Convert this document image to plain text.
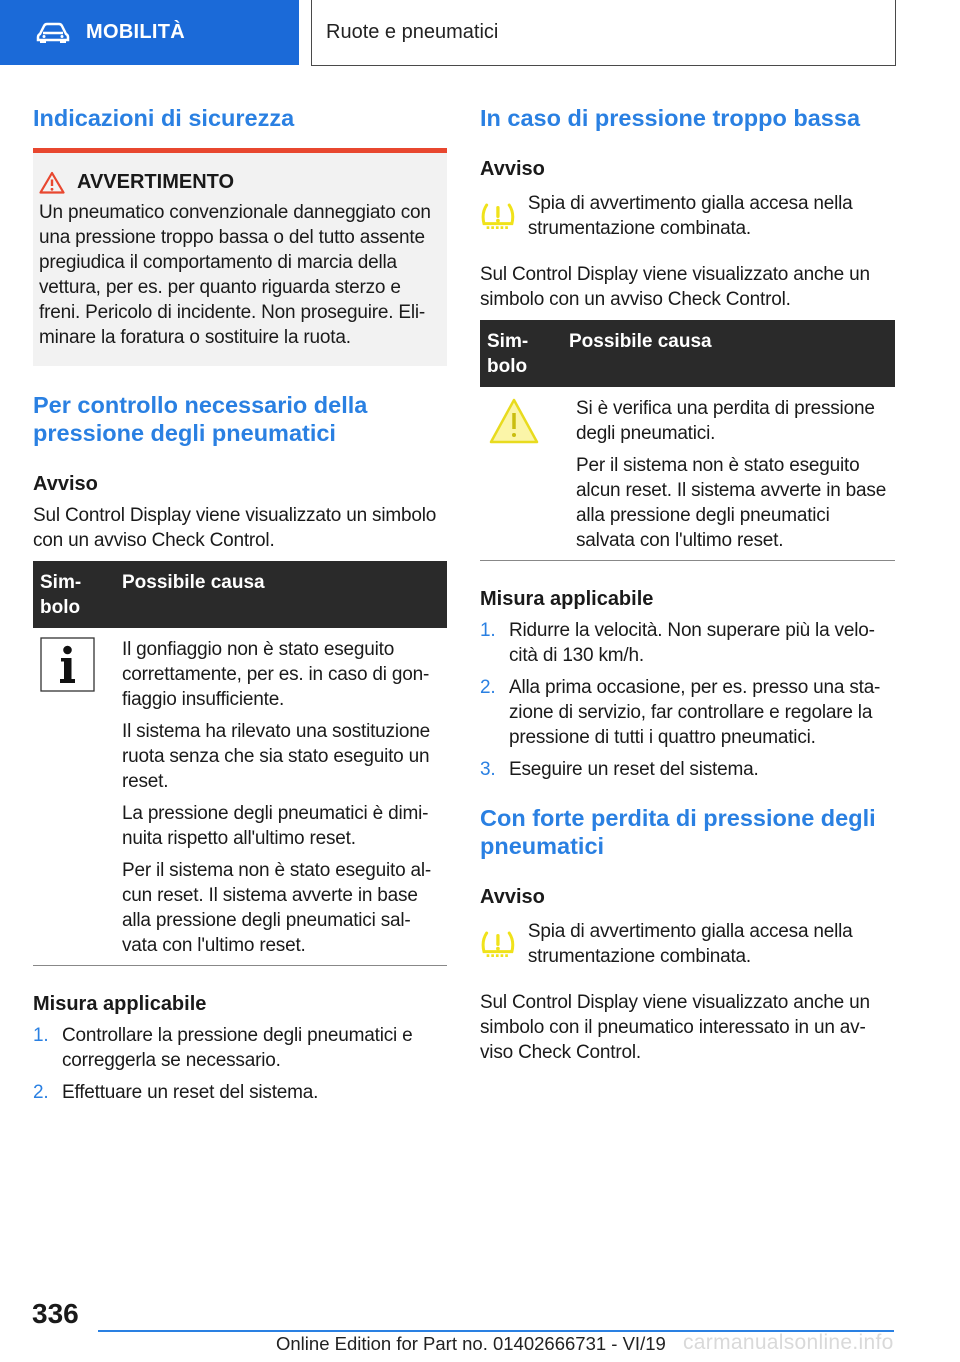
MOBILITÀ	Ruote e pneumatici
Indicazioni di sicurezza
AVVERTIMENTO

Un pneumatico convenzionale danneggiato con una pressione troppo bassa o del tutto assente pregiudica il comportamento di marcia della vettura, per es. per quanto riguarda sterzo e freni. Pericolo di incidente. Non proseguire. Eli- minare la foratura o sostituire la ruota.

Per controllo necessario della pressione degli pneumatici

Avviso

Sul Control Display viene visualizzato un simbolo con un avviso Check Control.

Sim- bolo
Possibile causa

Il gonfiaggio non è stato eseguito correttamente, per es. in caso di gon- fiaggio insufficiente.

Il sistema ha rilevato una sostituzione ruota senza che sia stato eseguito un reset.

La pressione degli pneumatici è dimi- nuita rispetto all'ultimo reset.

Per il sistema non è stato eseguito al- cun reset. Il sistema avverte in base alla pressione degli pneumatici sal- vata con l'ultimo reset.

Misura applicabile

1. Controllare la pressione degli pneumatici e correggerla se necessario.
2. Effettuare un reset del sistema.
In caso di pressione troppo bassa

Avviso

Spia di avvertimento gialla accesa nella strumentazione combinata.

Sul Control Display viene visualizzato anche un simbolo con un avviso Check Control.

Sim- bolo
Possibile causa

Si è verifica una perdita di pressione degli pneumatici.

Per il sistema non è stato eseguito alcun reset. Il sistema avverte in base alla pressione degli pneumatici salvata con l'ultimo reset.

Misura applicabile

1. Ridurre la velocità. Non superare più la velo- cità di 130 km/h.
2. Alla prima occasione, per es. presso una sta- zione di servizio, far controllare e regolare la pressione di tutti i quattro pneumatici.
3. Eseguire un reset del sistema.
Con forte perdita di pressione degli pneumatici

Avviso

Spia di avvertimento gialla accesa nella strumentazione combinata.

Sul Control Display viene visualizzato anche un simbolo con il pneumatico interessato in un av- viso Check Control.

336
Online Edition for Part no. 01402666731 - VI/19 carmanualsonline.info
